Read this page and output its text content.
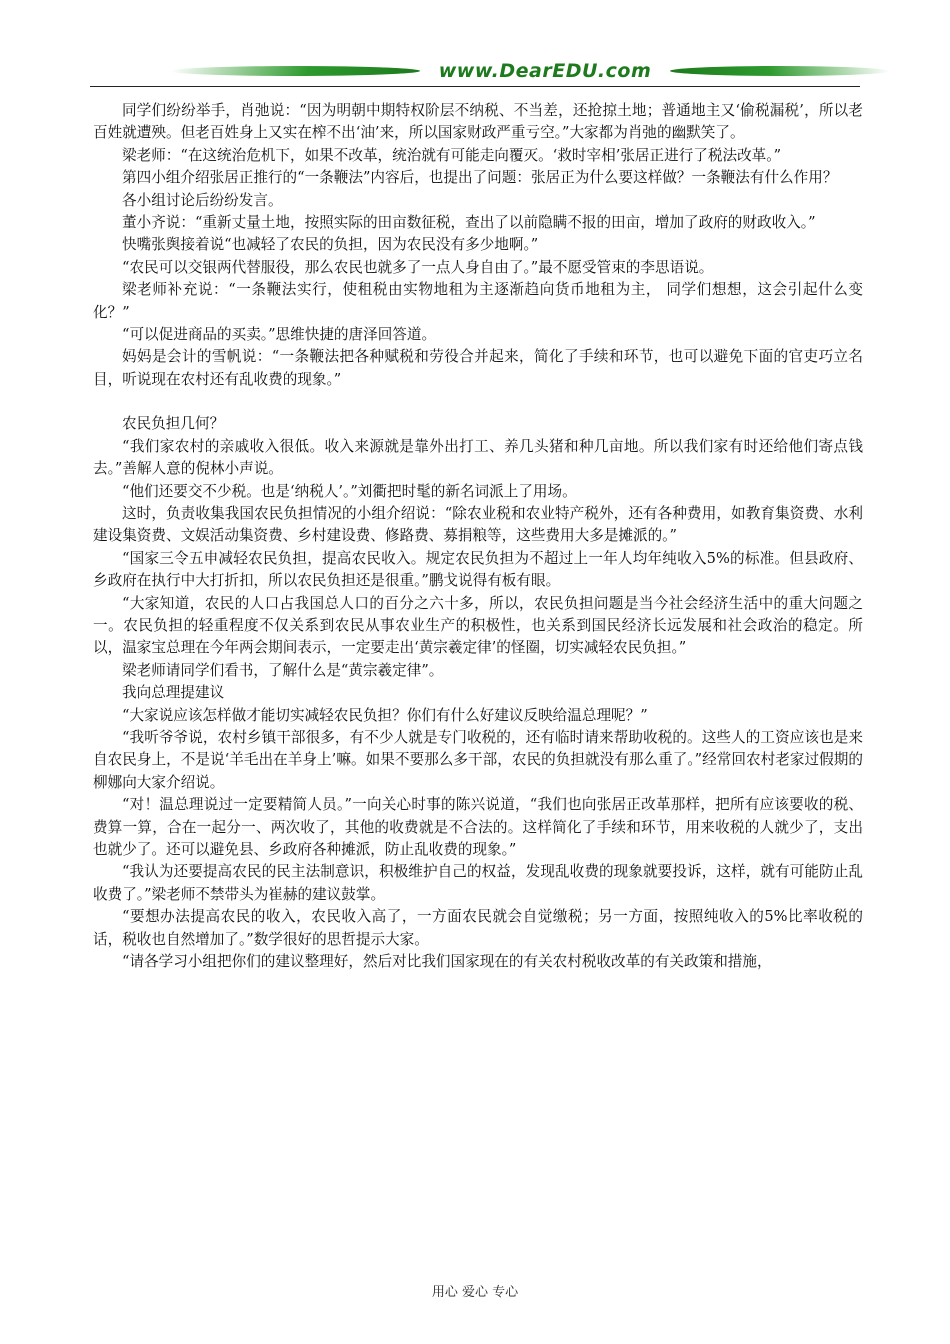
www.DearEDU.com

同学们纷纷举手，肖弛说：“因为明朝中期特权阶层不纳税、不当差，还抢掠土地；普通地主又‘偷税漏税’，所以老百姓就遭殃。但老百姓身上又实在榨不出‘油’来，所以国家财政严重亏空。”大家都为肖弛的幽默笑了。

梁老师：“在这统治危机下，如果不改革，统治就有可能走向覆灭。‘救时宰相’张居正进行了税法改革。”

第四小组介绍张居正推行的“一条鞭法”内容后，也提出了问题：张居正为什么要这样做？一条鞭法有什么作用？

各小组讨论后纷纷发言。

董小齐说：“重新丈量土地，按照实际的田亩数征税，查出了以前隐瞒不报的田亩，增加了政府的财政收入。”

快嘴张舆接着说“也减轻了农民的负担，因为农民没有多少地啊。”

“农民可以交银两代替服役，那么农民也就多了一点人身自由了。”最不愿受管束的李思语说。

梁老师补充说：“一条鞭法实行，使租税由实物地租为主逐渐趋向货币地租为主， 同学们想想，这会引起什么变化？”

“可以促进商品的买卖。”思维快捷的唐泽回答道。

妈妈是会计的雪帆说：“一条鞭法把各种赋税和劳役合并起来，简化了手续和环节，也可以避免下面的官吏巧立名目，听说现在农村还有乱收费的现象。”

农民负担几何？

“我们家农村的亲戚收入很低。收入来源就是靠外出打工、养几头猪和种几亩地。所以我们家有时还给他们寄点钱去。”善解人意的倪林小声说。

“他们还要交不少税。也是‘纳税人’。”刘衢把时髦的新名词派上了用场。

这时，负责收集我国农民负担情况的小组介绍说：“除农业税和农业特产税外，还有各种费用，如教育集资费、水利建设集资费、文娱活动集资费、乡村建设费、修路费、募捐粮等，这些费用大多是摊派的。”

“国家三令五申减轻农民负担，提高农民收入。规定农民负担为不超过上一年人均年纯收入5%的标准。但县政府、乡政府在执行中大打折扣，所以农民负担还是很重。”鹏戈说得有板有眼。

“大家知道，农民的人口占我国总人口的百分之六十多，所以，农民负担问题是当今社会经济生活中的重大问题之一。农民负担的轻重程度不仅关系到农民从事农业生产的积极性，也关系到国民经济长远发展和社会政治的稳定。所以，温家宝总理在今年两会期间表示，一定要走出‘黄宗羲定律’的怪圈，切实减轻农民负担。”

梁老师请同学们看书，了解什么是“黄宗羲定律”。

我向总理提建议

“大家说应该怎样做才能切实减轻农民负担？你们有什么好建议反映给温总理呢？”

“我听爷爷说，农村乡镇干部很多，有不少人就是专门收税的，还有临时请来帮助收税的。这些人的工资应该也是来自农民身上，不是说‘羊毛出在羊身上’嘛。如果不要那么多干部，农民的负担就没有那么重了。”经常回农村老家过假期的柳娜向大家介绍说。

“对！温总理说过一定要精简人员。”一向关心时事的陈兴说道，“我们也向张居正改革那样，把所有应该要收的税、费算一算，合在一起分一、两次收了，其他的收费就是不合法的。这样简化了手续和环节，用来收税的人就少了，支出也就少了。还可以避免县、乡政府各种摊派，防止乱收费的现象。”

“我认为还要提高农民的民主法制意识，积极维护自己的权益，发现乱收费的现象就要投诉，这样，就有可能防止乱收费了。”梁老师不禁带头为崔赫的建议鼓掌。

“要想办法提高农民的收入，农民收入高了，一方面农民就会自觉缴税；另一方面，按照纯收入的5%比率收税的话，税收也自然增加了。”数学很好的思哲提示大家。

“请各学习小组把你们的建议整理好，然后对比我们国家现在的有关农村税收改革的有关政策和措施，

用心 爱心 专心
